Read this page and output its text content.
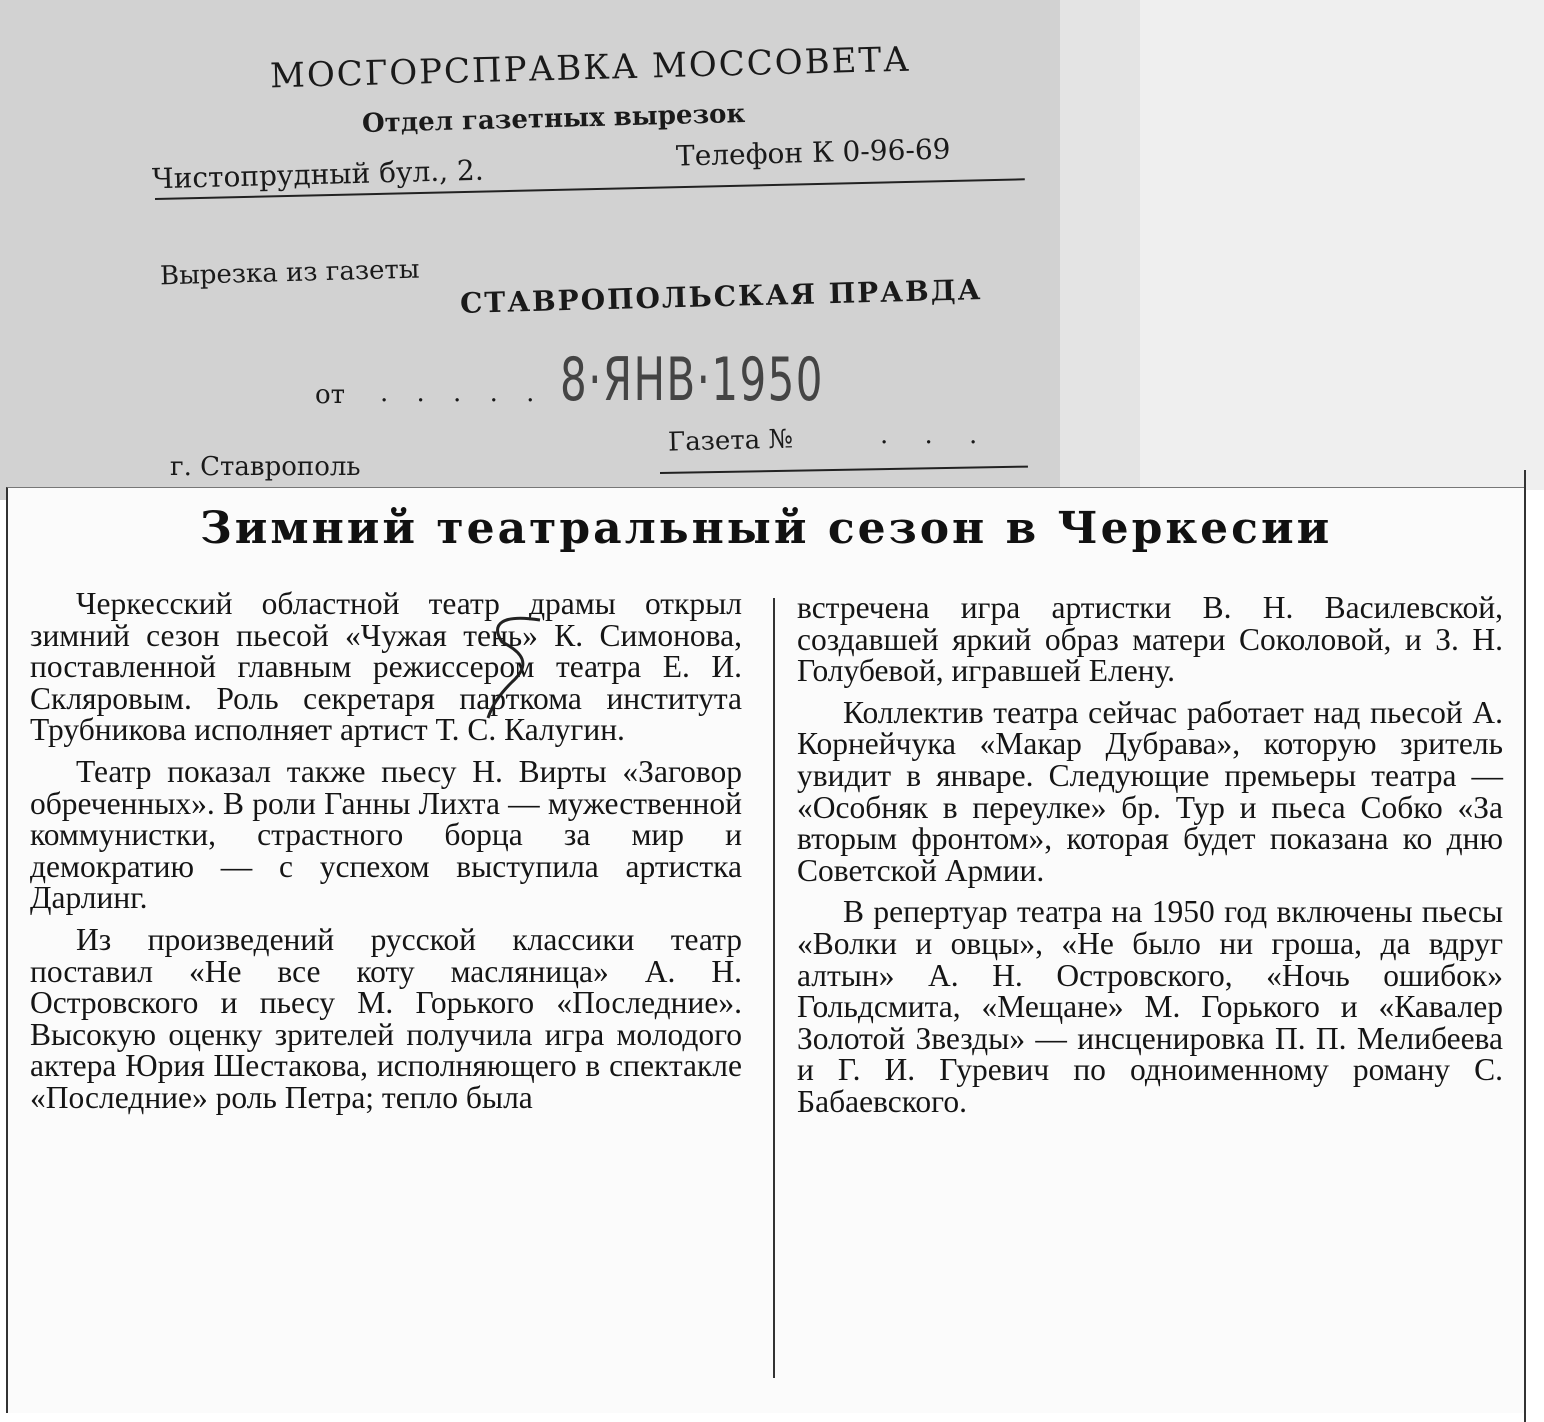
МОСГОРСПРАВКА МОССОВЕТА
Отдел газетных вырезок
Чистопрудный бул., 2.
Телефон К 0-96-69
Вырезка из газеты
СТАВРОПОЛЬСКАЯ ПРАВДА
от . . . . . 8·ЯНВ·1950
Газета №	. . .
г. Ставрополь
Зимний театральный сезон в Черкесии

Черкесский областной театр драмы открыл зимний сезон пьесой «Чужая тень» К. Симонова, поставленной главным режиссером театра Е. И. Скляровым. Роль секретаря парткома института Трубникова исполняет артист Т. С. Калугин.

Театр показал также пьесу Н. Вирты «Заговор обреченных». В роли Ганны Лихта — мужественной коммунистки, страстного борца за мир и демократию — с успехом выступила артистка Дарлинг.

Из произведений русской классики театр поставил «Не все коту масляница» А. Н. Островского и пьесу М. Горького «Последние». Высокую оценку зрителей получила игра молодого актера Юрия Шестакова, исполняющего в спектакле «Последние» роль Петра; тепло была

встречена игра артистки В. Н. Василевской, создавшей яркий образ матери Соколовой, и З. Н. Голубевой, игравшей Елену.

Коллектив театра сейчас работает над пьесой А. Корнейчука «Макар Дубрава», которую зритель увидит в январе. Следующие премьеры театра — «Особняк в переулке» бр. Тур и пьеса Собко «За вторым фронтом», которая будет показана ко дню Советской Армии.

В репертуар театра на 1950 год включены пьесы «Волки и овцы», «Не было ни гроша, да вдруг алтын» А. Н. Островского, «Ночь ошибок» Гольдсмита, «Мещане» М. Горького и «Кавалер Золотой Звезды» — инсценировка П. П. Мелибеева и Г. И. Гуревич по одноименному роману С. Бабаевского.
